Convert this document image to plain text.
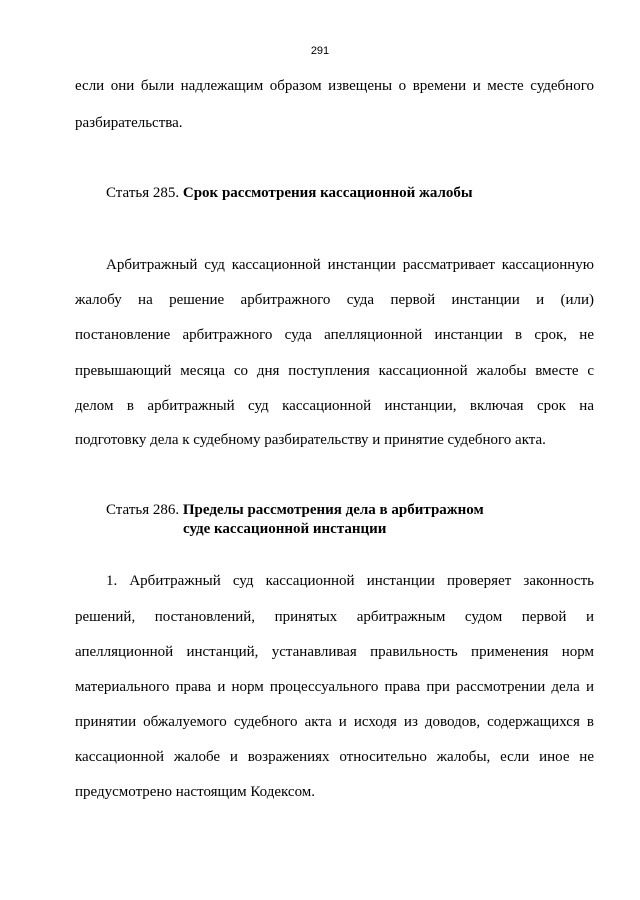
291
если они были надлежащим образом извещены о времени и месте судебного
разбирательства.
Статья 285. Срок рассмотрения кассационной жалобы
Арбитражный суд кассационной инстанции рассматривает кассационную
жалобу на решение арбитражного суда первой инстанции и (или)
постановление арбитражного суда апелляционной инстанции в срок, не
превышающий месяца со дня поступления кассационной жалобы вместе с
делом в арбитражный суд кассационной инстанции, включая срок на
подготовку дела к судебному разбирательству и принятие судебного акта.
Статья 286. Пределы рассмотрения дела в арбитражном
суде кассационной инстанции
1. Арбитражный суд кассационной инстанции проверяет законность
решений, постановлений, принятых арбитражным судом первой и
апелляционной инстанций, устанавливая правильность применения норм
материального права и норм процессуального права при рассмотрении дела и
принятии обжалуемого судебного акта и исходя из доводов, содержащихся в
кассационной жалобе и возражениях относительно жалобы, если иное не
предусмотрено настоящим Кодексом.
